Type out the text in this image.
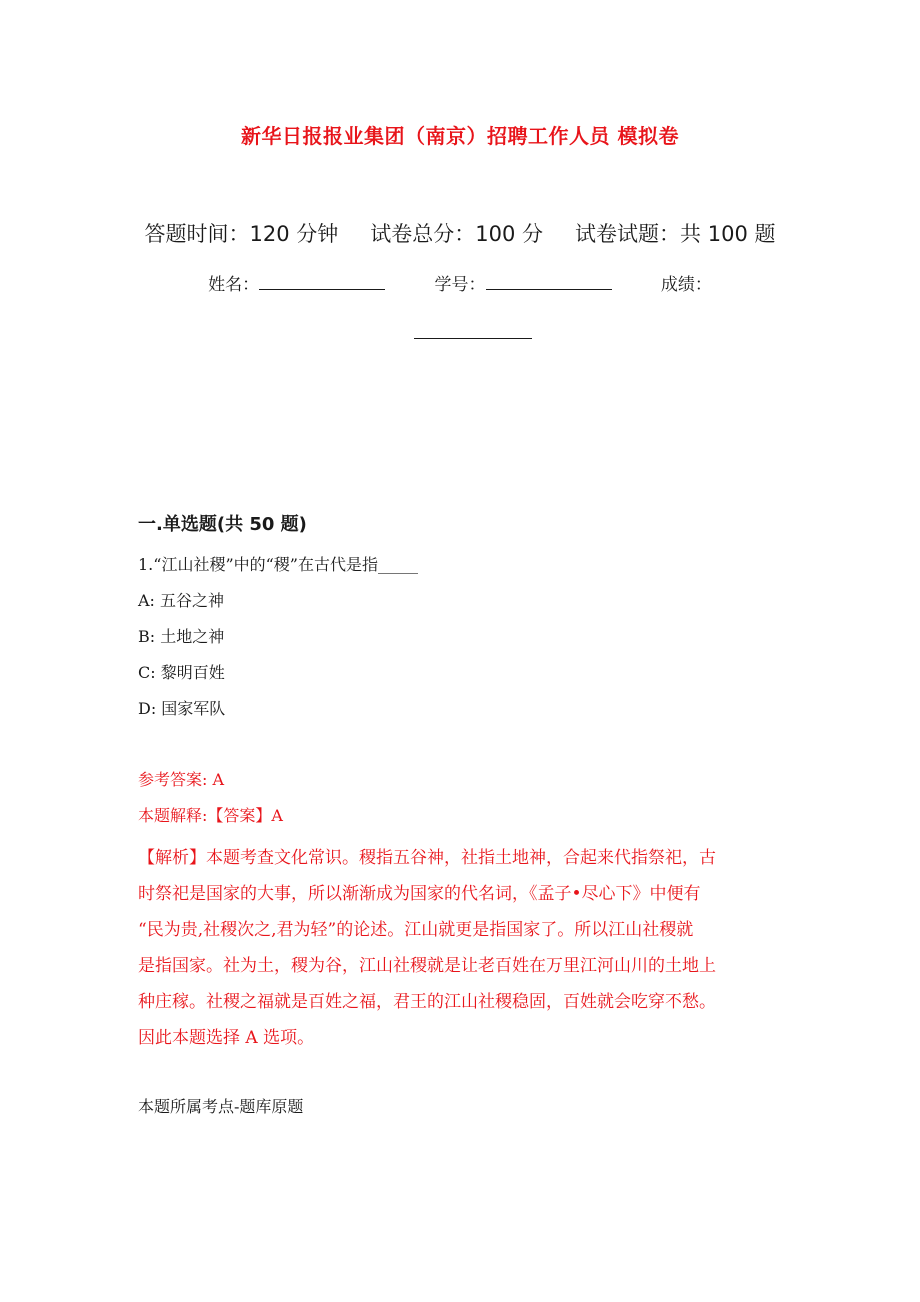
新华日报报业集团（南京）招聘工作人员 模拟卷
答题时间：120 分钟 试卷总分：100 分 试卷试题：共 100 题
姓名：	学号：	成绩：
一.单选题(共 50 题)
1.“江山社稷”中的“稷”在古代是指_____
A: 五谷之神
B: 土地之神
C: 黎明百姓
D: 国家军队
参考答案: A
本题解释:【答案】A
【解析】本题考查文化常识。稷指五谷神，社指土地神，合起来代指祭祀，古
时祭祀是国家的大事，所以渐渐成为国家的代名词，《孟子•尽心下》中便有
“民为贵,社稷次之,君为轻”的论述。江山就更是指国家了。所以江山社稷就
是指国家。社为土，稷为谷，江山社稷就是让老百姓在万里江河山川的土地上
种庄稼。社稷之福就是百姓之福，君王的江山社稷稳固，百姓就会吃穿不愁。
因此本题选择 A 选项。
本题所属考点-题库原题
